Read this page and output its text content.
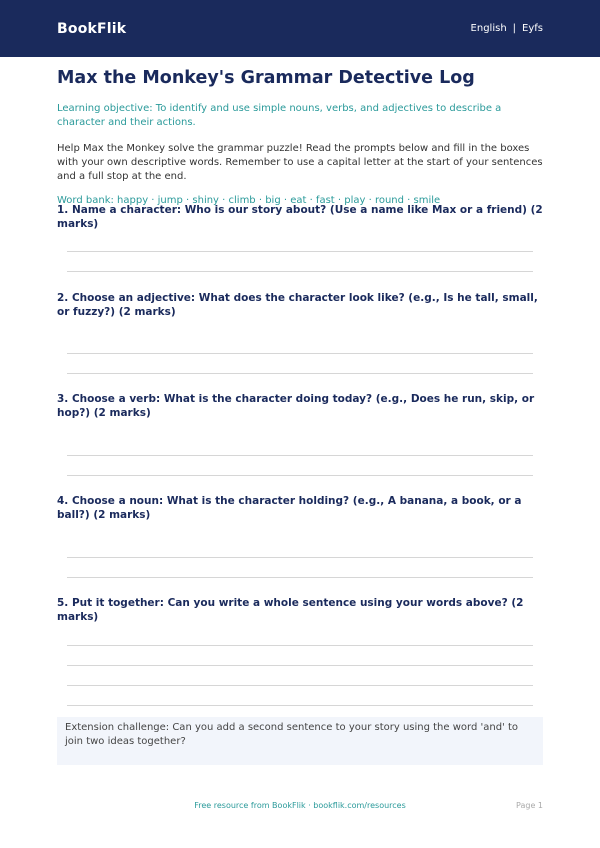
BookFlik	English | Eyfs
Max the Monkey's Grammar Detective Log

Learning objective: To identify and use simple nouns, verbs, and adjectives to describe a character and their actions.

Help Max the Monkey solve the grammar puzzle! Read the prompts below and fill in the boxes with your own descriptive words. Remember to use a capital letter at the start of your sentences and a full stop at the end.

Word bank: happy · jump · shiny · climb · big · eat · fast · play · round · smile

1. Name a character: Who is our story about? (Use a name like Max or a friend) (2 marks)
2. Choose an adjective: What does the character look like? (e.g., Is he tall, small, or fuzzy?) (2 marks)
3. Choose a verb: What is the character doing today? (e.g., Does he run, skip, or hop?) (2 marks)
4. Choose a noun: What is the character holding? (e.g., A banana, a book, or a ball?) (2 marks)
5. Put it together: Can you write a whole sentence using your words above? (2 marks)
Extension challenge: Can you add a second sentence to your story using the word 'and' to join two ideas together?
Free resource from BookFlik · bookflik.com/resources	Page 1
